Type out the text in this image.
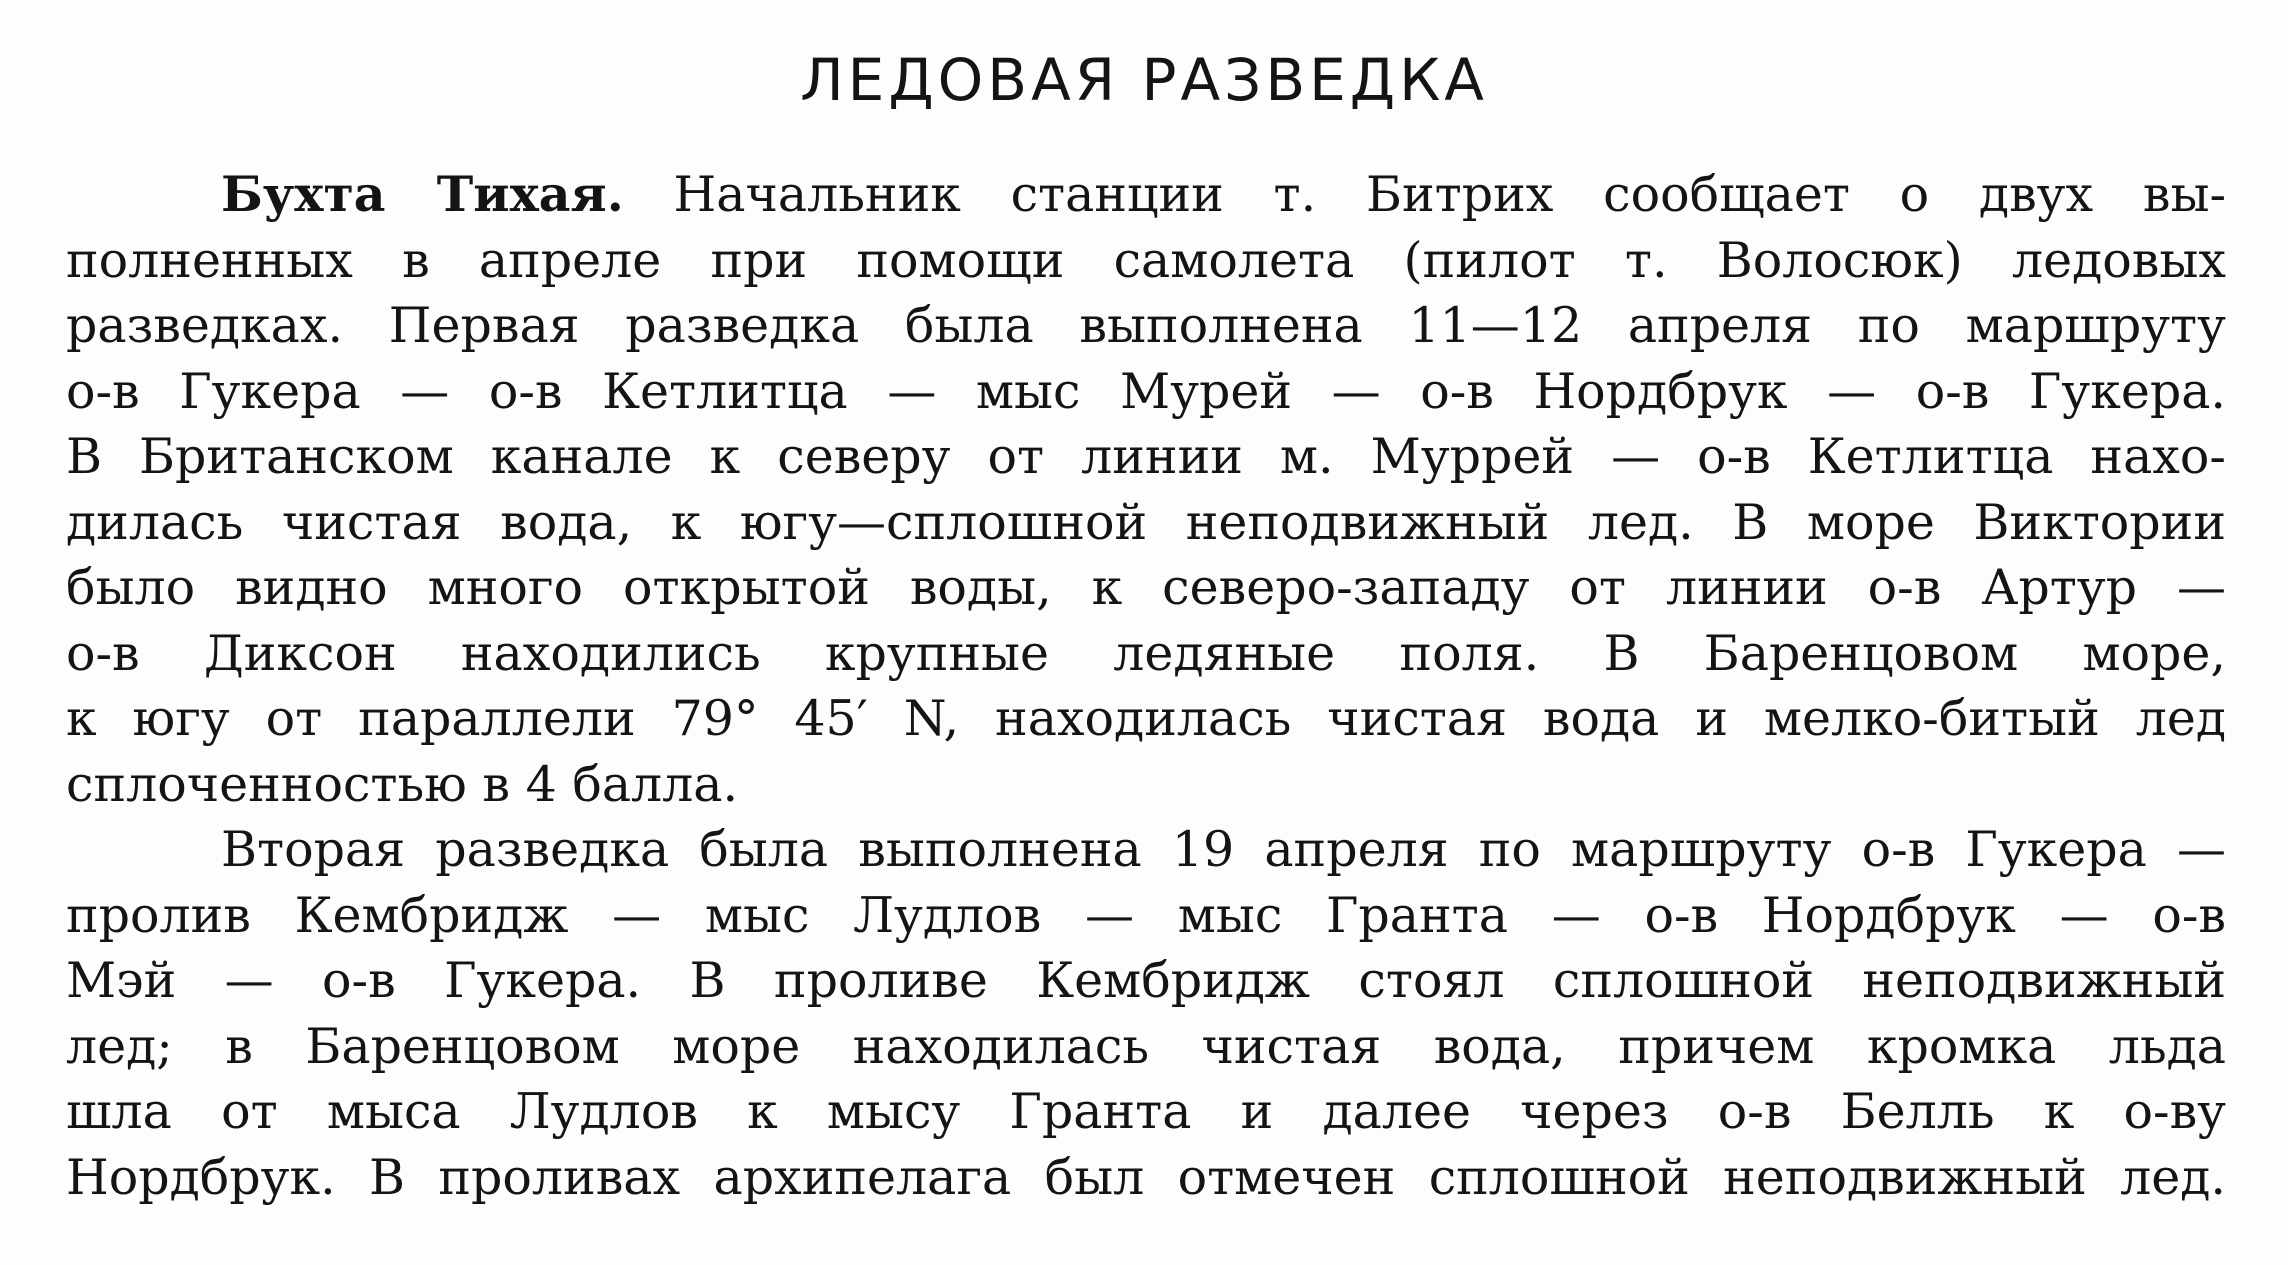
ЛЕДОВАЯ РАЗВЕДКА
Бухта Тихая. Начальник станции т. Битрих сообщает о двух вы-
полненных в апреле при помощи самолета (пилот т. Волосюк) ледовых
разведках. Первая разведка была выполнена 11—12 апреля по маршруту
о-в Гукера — о-в Кетлитца — мыс Мурей — о-в Нордбрук — о-в Гукера.
В Британском канале к северу от линии м. Муррей — о-в Кетлитца нахо-
дилась чистая вода, к югу—сплошной неподвижный лед. В море Виктории
было видно много открытой воды, к северо-западу от линии о-в Артур —
о-в Диксон находились крупные ледяные поля. В Баренцовом море,
к югу от параллели 79° 45′ N, находилась чистая вода и мелко-битый лед
сплоченностью в 4 балла.
Вторая разведка была выполнена 19 апреля по маршруту о-в Гукера —
пролив Кембридж — мыс Лудлов — мыс Гранта — о-в Нордбрук — о-в
Мэй — о-в Гукера. В проливе Кембридж стоял сплошной неподвижный
лед; в Баренцовом море находилась чистая вода, причем кромка льда
шла от мыса Лудлов к мысу Гранта и далее через о-в Белль к о-ву
Нордбрук. В проливах архипелага был отмечен сплошной неподвижный лед.
